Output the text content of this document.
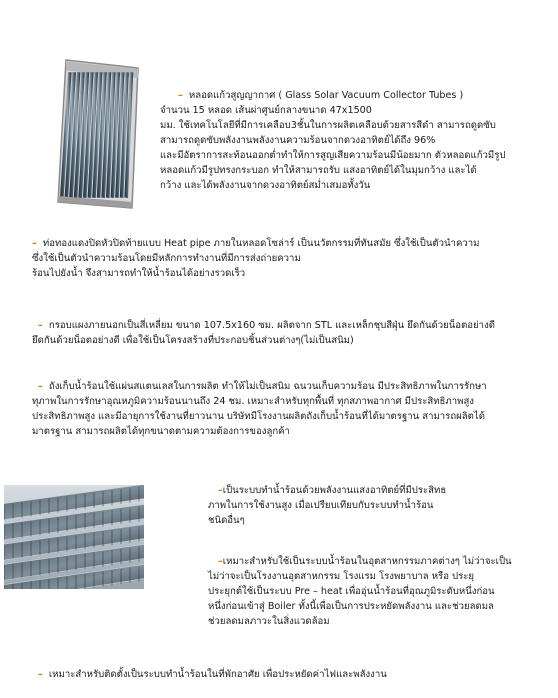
– หลอดแก้วสูญญากาศ ( Glass Solar Vacuum Collector Tubes )
จำนวน 15 หลอด เส้นผ่าศูนย์กลางขนาด 47x1500
มม. ใช้เทคโนโลยีที่มีการเคลือบ3ชั้นในการผลิตเคลือบด้วยสารสีดำ สามารถดูดซับ
สามารถดูดซับพลังงานพลังงานความร้อนจากดวงอาทิตย์ได้ถึง 96%
และมีอัตราการสะท้อนออกต่ำทำให้การสูญเสียความร้อนมีน้อยมาก ตัวหลอดแก้วมีรูป
หลอดแก้วมีรูปทรงกระบอก ทำให้สามารถรับ แสงอาทิตย์ได้ในมุมกว้าง และได้
กว้าง และได้พลังงานจากดวงอาทิตย์สม่ำเสมอทั้งวัน
– ท่อทองแดงปิดหัวปิดท้ายแบบ Heat pipe ภายในหลอดโซล่าร์ เป็นนวัตกรรมที่ทันสมัย ซึ่งใช้เป็นตัวนำความ
ซึ่งใช้เป็นตัวนำความร้อนโดยมีหลักการทำงานที่มีการส่งถ่ายความ
ร้อนไปยังน้ำ จึงสามารถทำให้น้ำร้อนได้อย่างรวดเร็ว
– กรอบแผงภายนอกเป็นสี่เหลี่ยม ขนาด 107.5x160 ซม. ผลิตจาก STL และเหล็กชุบสีฝุ่น ยึดกันด้วยน็อตอย่างดี
ยึดกันด้วยน็อตอย่างดี เพื่อใช้เป็นโครงสร้างที่ประกอบชิ้นส่วนต่างๆ(ไม่เป็นสนิม)
– ถังเก็บน้ำร้อนใช้แผ่นสแตนเลสในการผลิต ทำให้ไม่เป็นสนิม ฉนวนเก็บความร้อน มีประสิทธิภาพในการรักษา
ทุภาพในการรักษาอุณหภูมิความร้อนนานถึง 24 ชม. เหมาะสำหรับทุกพื้นที่ ทุกสภาพอากาศ มีประสิทธิภาพสูง
ประสิทธิภาพสูง และมีอายุการใช้งานที่ยาวนาน บริษัทมีโรงงานผลิตถังเก็บน้ำร้อนที่ได้มาตรฐาน สามารถผลิตได้
มาตรฐาน สามารถผลิตได้ทุกขนาดตามความต้องการของลูกค้า
–เป็นระบบทำน้ำร้อนด้วยพลังงานแสงอาทิตย์ที่มีประสิทธ
ภาพในการใช้งานสูง เมื่อเปรียบเทียบกับระบบทำน้ำร้อน
ชนิดอื่นๆ
–เหมาะสำหรับใช้เป็นระบบน้ำร้อนในอุตสาหกรรมภาคต่างๆ ไม่ว่าจะเป็น
ไม่ว่าจะเป็นโรงงานอุตสาหกรรม โรงแรม โรงพยาบาล หรือ ประยุ
ประยุกต์ใช้เป็นระบบ Pre – heat เพื่ออุ่นน้ำร้อนที่อุณภูมิระดับหนึ่งก่อน
หนึ่งก่อนเข้าสู่ Boiler ทั้งนี้เพื่อเป็นการประหยัดพลังงาน และช่วยลดมล
ช่วยลดมลภาวะในสิ่งแวดล้อม
– เหมาะสำหรับติดตั้งเป็นระบบทำน้ำร้อนในที่พักอาศัย เพื่อประหยัดค่าไฟและพลังงาน
